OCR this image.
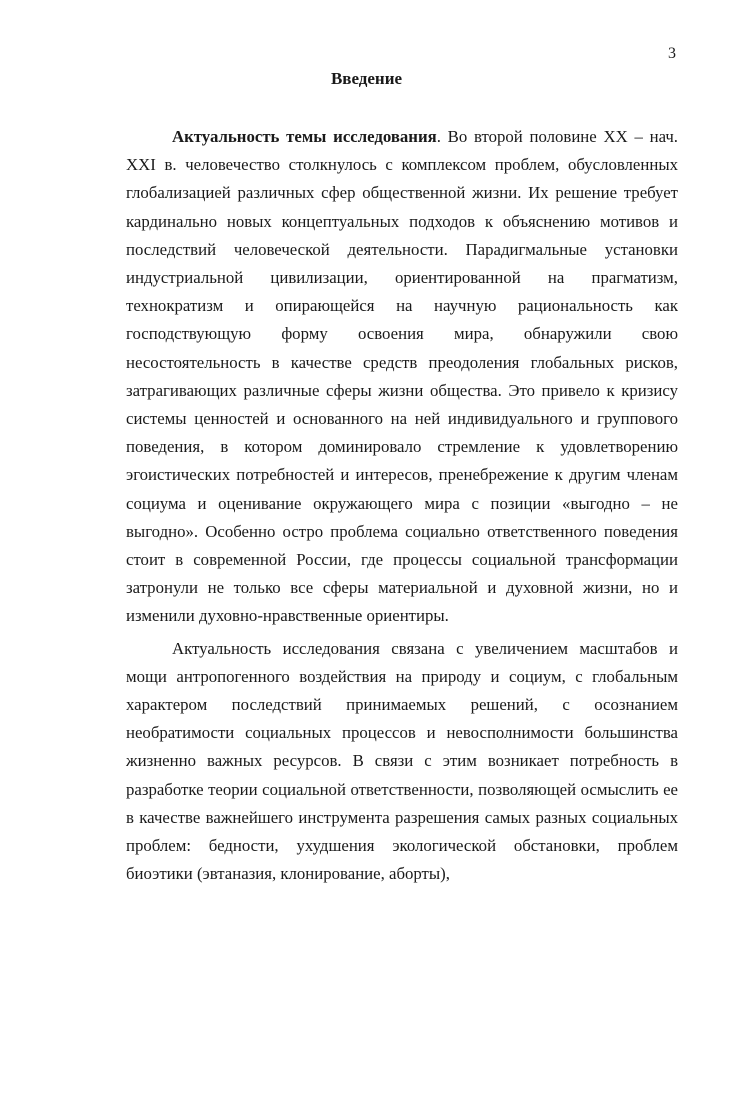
3
Введение

Актуальность темы исследования. Во второй половине XX – нач. XXI в. человечество столкнулось с комплексом проблем, обусловленных глобализацией различных сфер общественной жизни. Их решение требует кардинально новых концептуальных подходов к объяснению мотивов и последствий человеческой деятельности. Парадигмальные установки индустриальной цивилизации, ориентированной на прагматизм, технократизм и опирающейся на научную рациональность как господствующую форму освоения мира, обнаружили свою несостоятельность в качестве средств преодоления глобальных рисков, затрагивающих различные сферы жизни общества. Это привело к кризису системы ценностей и основанного на ней индивидуального и группового поведения, в котором доминировало стремление к удовлетворению эгоистических потребностей и интересов, пренебрежение к другим членам социума и оценивание окружающего мира с позиции «выгодно – не выгодно». Особенно остро проблема социально ответственного поведения стоит в современной России, где процессы социальной трансформации затронули не только все сферы материальной и духовной жизни, но и изменили духовно-нравственные ориентиры.

Актуальность исследования связана с увеличением масштабов и мощи антропогенного воздействия на природу и социум, с глобальным характером последствий принимаемых решений, с осознанием необратимости социальных процессов и невосполнимости большинства жизненно важных ресурсов. В связи с этим возникает потребность в разработке теории социальной ответственности, позволяющей осмыслить ее в качестве важнейшего инструмента разрешения самых разных социальных проблем: бедности, ухудшения экологической обстановки, проблем биоэтики (эвтаназия, клонирование, аборты),
